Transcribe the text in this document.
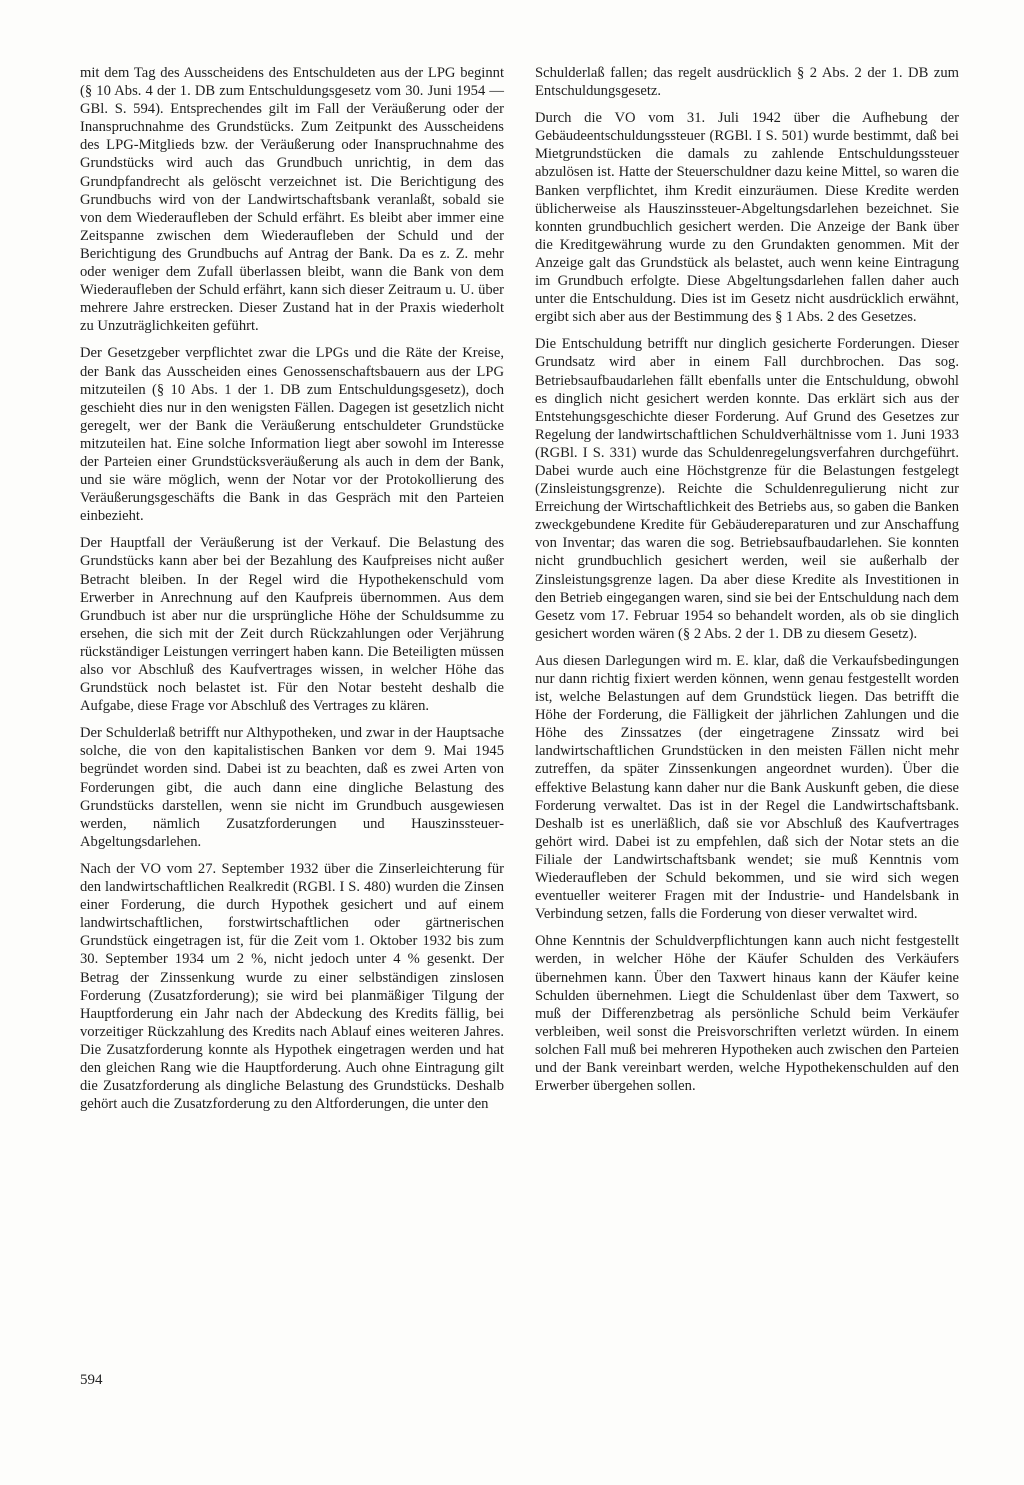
mit dem Tag des Ausscheidens des Entschuldeten aus der LPG beginnt (§ 10 Abs. 4 der 1. DB zum Entschuldungsgesetz vom 30. Juni 1954 — GBl. S. 594). Entsprechendes gilt im Fall der Veräußerung oder der Inanspruchnahme des Grundstücks. Zum Zeitpunkt des Ausscheidens des LPG-Mitglieds bzw. der Veräußerung oder Inanspruchnahme des Grundstücks wird auch das Grundbuch unrichtig, in dem das Grundpfandrecht als gelöscht verzeichnet ist. Die Berichtigung des Grundbuchs wird von der Landwirtschaftsbank veranlaßt, sobald sie von dem Wiederaufleben der Schuld erfährt. Es bleibt aber immer eine Zeitspanne zwischen dem Wiederaufleben der Schuld und der Berichtigung des Grundbuchs auf Antrag der Bank. Da es z. Z. mehr oder weniger dem Zufall überlassen bleibt, wann die Bank von dem Wiederaufleben der Schuld erfährt, kann sich dieser Zeitraum u. U. über mehrere Jahre erstrecken. Dieser Zustand hat in der Praxis wiederholt zu Unzuträglichkeiten geführt.

Der Gesetzgeber verpflichtet zwar die LPGs und die Räte der Kreise, der Bank das Ausscheiden eines Genossenschaftsbauern aus der LPG mitzuteilen (§ 10 Abs. 1 der 1. DB zum Entschuldungsgesetz), doch geschieht dies nur in den wenigsten Fällen. Dagegen ist gesetzlich nicht geregelt, wer der Bank die Veräußerung entschuldeter Grundstücke mitzuteilen hat. Eine solche Information liegt aber sowohl im Interesse der Parteien einer Grundstücksveräußerung als auch in dem der Bank, und sie wäre möglich, wenn der Notar vor der Protokollierung des Veräußerungsgeschäfts die Bank in das Gespräch mit den Parteien einbezieht.

Der Hauptfall der Veräußerung ist der Verkauf. Die Belastung des Grundstücks kann aber bei der Bezahlung des Kaufpreises nicht außer Betracht bleiben. In der Regel wird die Hypothekenschuld vom Erwerber in Anrechnung auf den Kaufpreis übernommen. Aus dem Grundbuch ist aber nur die ursprüngliche Höhe der Schuldsumme zu ersehen, die sich mit der Zeit durch Rückzahlungen oder Verjährung rückständiger Leistungen verringert haben kann. Die Beteiligten müssen also vor Abschluß des Kaufvertrages wissen, in welcher Höhe das Grundstück noch belastet ist. Für den Notar besteht deshalb die Aufgabe, diese Frage vor Abschluß des Vertrages zu klären.

Der Schulderlaß betrifft nur Althypotheken, und zwar in der Hauptsache solche, die von den kapitalistischen Banken vor dem 9. Mai 1945 begründet worden sind. Dabei ist zu beachten, daß es zwei Arten von Forderungen gibt, die auch dann eine dingliche Belastung des Grundstücks darstellen, wenn sie nicht im Grundbuch ausgewiesen werden, nämlich Zusatzforderungen und Hauszinssteuer-Abgeltungsdarlehen.

Nach der VO vom 27. September 1932 über die Zinserleichterung für den landwirtschaftlichen Realkredit (RGBl. I S. 480) wurden die Zinsen einer Forderung, die durch Hypothek gesichert und auf einem landwirtschaftlichen, forstwirtschaftlichen oder gärtnerischen Grundstück eingetragen ist, für die Zeit vom 1. Oktober 1932 bis zum 30. September 1934 um 2 %, nicht jedoch unter 4 % gesenkt. Der Betrag der Zinssenkung wurde zu einer selbständigen zinslosen Forderung (Zusatzforderung); sie wird bei planmäßiger Tilgung der Hauptforderung ein Jahr nach der Abdeckung des Kredits fällig, bei vorzeitiger Rückzahlung des Kredits nach Ablauf eines weiteren Jahres. Die Zusatzforderung konnte als Hypothek eingetragen werden und hat den gleichen Rang wie die Hauptforderung. Auch ohne Eintragung gilt die Zusatzforderung als dingliche Belastung des Grundstücks. Deshalb gehört auch die Zusatzforderung zu den Altforderungen, die unter den

Schulderlaß fallen; das regelt ausdrücklich § 2 Abs. 2 der 1. DB zum Entschuldungsgesetz.

Durch die VO vom 31. Juli 1942 über die Aufhebung der Gebäudeentschuldungssteuer (RGBl. I S. 501) wurde bestimmt, daß bei Mietgrundstücken die damals zu zahlende Entschuldungssteuer abzulösen ist. Hatte der Steuerschuldner dazu keine Mittel, so waren die Banken verpflichtet, ihm Kredit einzuräumen. Diese Kredite werden üblicherweise als Hauszinssteuer-Abgeltungsdarlehen bezeichnet. Sie konnten grundbuchlich gesichert werden. Die Anzeige der Bank über die Kreditgewährung wurde zu den Grundakten genommen. Mit der Anzeige galt das Grundstück als belastet, auch wenn keine Eintragung im Grundbuch erfolgte. Diese Abgeltungsdarlehen fallen daher auch unter die Entschuldung. Dies ist im Gesetz nicht ausdrücklich erwähnt, ergibt sich aber aus der Bestimmung des § 1 Abs. 2 des Gesetzes.

Die Entschuldung betrifft nur dinglich gesicherte Forderungen. Dieser Grundsatz wird aber in einem Fall durchbrochen. Das sog. Betriebsaufbaudarlehen fällt ebenfalls unter die Entschuldung, obwohl es dinglich nicht gesichert werden konnte. Das erklärt sich aus der Entstehungsgeschichte dieser Forderung. Auf Grund des Gesetzes zur Regelung der landwirtschaftlichen Schuldverhältnisse vom 1. Juni 1933 (RGBl. I S. 331) wurde das Schuldenregelungsverfahren durchgeführt. Dabei wurde auch eine Höchstgrenze für die Belastungen festgelegt (Zinsleistungsgrenze). Reichte die Schuldenregulierung nicht zur Erreichung der Wirtschaftlichkeit des Betriebs aus, so gaben die Banken zweckgebundene Kredite für Gebäudereparaturen und zur Anschaffung von Inventar; das waren die sog. Betriebsaufbaudarlehen. Sie konnten nicht grundbuchlich gesichert werden, weil sie außerhalb der Zinsleistungsgrenze lagen. Da aber diese Kredite als Investitionen in den Betrieb eingegangen waren, sind sie bei der Entschuldung nach dem Gesetz vom 17. Februar 1954 so behandelt worden, als ob sie dinglich gesichert worden wären (§ 2 Abs. 2 der 1. DB zu diesem Gesetz).

Aus diesen Darlegungen wird m. E. klar, daß die Verkaufsbedingungen nur dann richtig fixiert werden können, wenn genau festgestellt worden ist, welche Belastungen auf dem Grundstück liegen. Das betrifft die Höhe der Forderung, die Fälligkeit der jährlichen Zahlungen und die Höhe des Zinssatzes (der eingetragene Zinssatz wird bei landwirtschaftlichen Grundstücken in den meisten Fällen nicht mehr zutreffen, da später Zinssenkungen angeordnet wurden). Über die effektive Belastung kann daher nur die Bank Auskunft geben, die diese Forderung verwaltet. Das ist in der Regel die Landwirtschaftsbank. Deshalb ist es unerläßlich, daß sie vor Abschluß des Kaufvertrages gehört wird. Dabei ist zu empfehlen, daß sich der Notar stets an die Filiale der Landwirtschaftsbank wendet; sie muß Kenntnis vom Wiederaufleben der Schuld bekommen, und sie wird sich wegen eventueller weiterer Fragen mit der Industrie- und Handelsbank in Verbindung setzen, falls die Forderung von dieser verwaltet wird.

Ohne Kenntnis der Schuldverpflichtungen kann auch nicht festgestellt werden, in welcher Höhe der Käufer Schulden des Verkäufers übernehmen kann. Über den Taxwert hinaus kann der Käufer keine Schulden übernehmen. Liegt die Schuldenlast über dem Taxwert, so muß der Differenzbetrag als persönliche Schuld beim Verkäufer verbleiben, weil sonst die Preisvorschriften verletzt würden. In einem solchen Fall muß bei mehreren Hypotheken auch zwischen den Parteien und der Bank vereinbart werden, welche Hypothekenschulden auf den Erwerber übergehen sollen.

594
